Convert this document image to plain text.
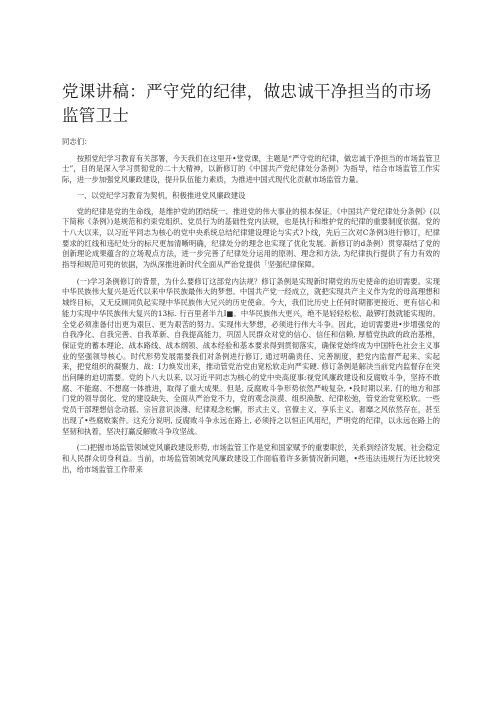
党课讲稿：严守党的纪律，做忠诚干净担当的市场监管卫士

同志们：

按照党纪学习教育有关部署，今天我们在这里开•堂党课，主题是“严守党的纪律，做忠诚干净担当的市场监管卫士”，目的是深入学习贯彻党的二十大精神，以新修订的《中国共产党纪律处分条例》为指导，结合市场监管工作实际，进一步加强党风廉政建设，提升队伍能力素质，为推进中国式现代化贡献市场监管力量。

一、以党纪学习教育为契机，积极推进党风廉政建设

党的纪律是党的生命线，是维护党的团结统一、推进党的伟大事业的根本保证。《中国共产党纪律处分条例》(以下简称《条例》)是规范和约束党组织、党员行为的基础性党内法规，也是执行和维护党的纪律的重要制度依据。党的十八大以来，以习近平同志为核心的党中央系统总结纪律建设理论与实式?卜线，先后三次对C条例3进行修订，纪律要求的红线和违纪处分的标尺更加清晰明确，纪律处分的理念也实现了优化发展。新修订的d条例）贯穿凝结了党的创新理论成果蕴含的立场观点方法，进一步完善了纪律处分运用的原则、理念和方法, 为纪律执行提供了有力有效的指导和规范可兜的依据，为纵深推进新时代全面从严治党提供「坚强纪律保障。

(一)学习条例修订的背景，为什么要修订这部党内法规？修订条例是实现新时期党的历史使命的迫切需要。实现中华民族伟大复兴是近代以来中华民族最伟大的梦想。中国共产党一经成立，就把实现共产主义作为党的母高理想和城终目标，又无反顾同负起实现中华民族伟大兄兴的历史使命。今大，我们比历史上任何时期都更接近、更有信心和能力实现中华民族伟大复兴的13标. 行百里者半九I■。中华民族伟大更兴，绝不是轻轻松松、敲锣打鼓就能实现的。全党必须准备付出更为艰巨、更为艰苦的努力。实现伟大梦想，必须进行伟大斗争。因此，迫切需要进•步增强党的自我净化、自我完善、自我革新、自我提高能力，巩固人民群众对党的信心、信任和信赖, 厚植党执政的政治基椎，保证党的蓄本理论、战本路线、战本纲领、战本经验和基本要求得到贯彻落实，确保党始终成为中国特色社会主义事业的坚强领导核心。时代形势发展需要我们对条例进行修订, 通过明确责任、完善制度，把党内监督严起来、实起来，把党组织的凝聚力、战：I力焕发出来，推动管党治党由宽松软走向严实硬. 修订条例是解决当前党内监督存在突出问睡的迫切需要。党的卜八大以来, 以习近平同志为核心的党中央高度事:视党风廉政建设和反腐败斗争，坚持不敢腐、不能腐、不想腐一体推进，取得了重大成果。但是, 反腐败斗争形势依然严峻复杂, •段时期以来, 仃的地方和部门党的领导弱化、党的建设缺失、全面从严治党不力，党的观念淡漠、组织涣散、纪律松弛，管党治党宽松软。一些党员干部理想信念动摇、宗旨意识淡薄、纪律观念松懈，形式主义、官僚主义、享乐主义、奢靡之风依然存在，甚至出现了•些腐败案件。这充分说明, 反腐败斗争永远在路上, 必须持之以恒正风用纪，严明党的纪律，以永远在路上的坚韧和执着，坚决打赢反解败斗争攻坚战。

(二)把握市场监管领域党风廉政建设形势, 市场监管工作是党和国家赋予的重要职於，关系到经济发展、社会稳定和人民群众切身利益。当前，市场监管领域党风廉政建设工作面临着许多新情况新问题，•些违法违规行为还比较突出，给市场监管工作带来
